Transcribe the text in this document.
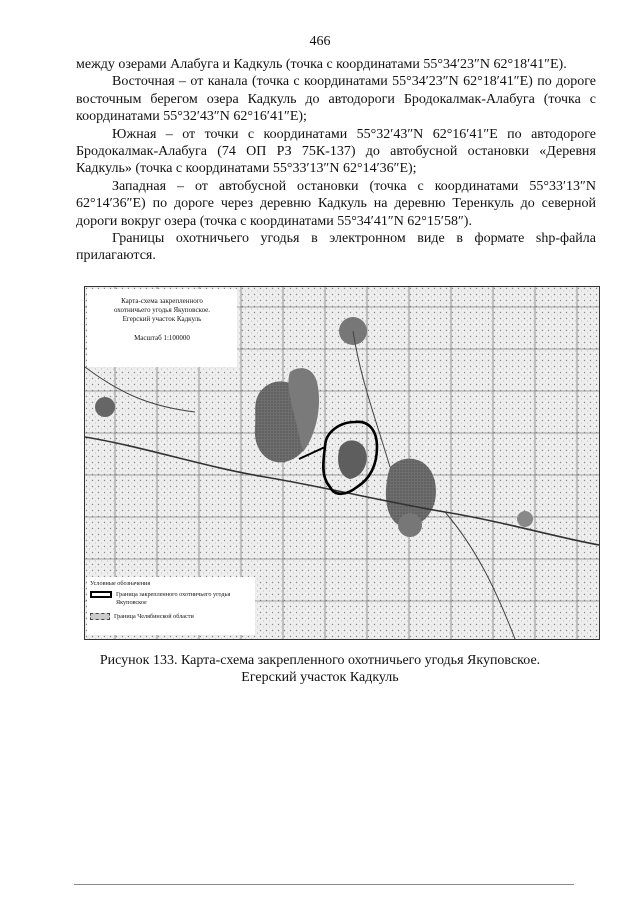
466

между озерами Алабуга и Кадкуль (точка с координатами 55°34′23″N 62°18′41″E).

Восточная – от канала (точка с координатами 55°34′23″N 62°18′41″E) по дороге восточным берегом озера Кадкуль до автодороги Бродокалмак-Алабуга (точка с координатами 55°32′43″N 62°16′41″E);

Южная – от точки с координатами 55°32′43″N 62°16′41″E по автодороге Бродокалмак-Алабуга (74 ОП РЗ 75К-137) до автобусной остановки «Деревня Кадкуль» (точка с координатами 55°33′13″N 62°14′36″E);

Западная – от автобусной остановки (точка с координатами 55°33′13″N 62°14′36″E) по дороге через деревню Кадкуль на деревню Теренкуль до северной дороги вокруг озера (точка с координатами 55°34′41″N 62°15′58″).

Границы охотничьего угодья в электронном виде в формате shp-файла прилагаются.

Карта-схема закрепленного
охотничьего угодья Якуповское.
Егерский участок Кадкуль
Масштаб 1:100000
Условные обозначения
Граница закрепленного охотничьего угодья Якуповское
Граница Челябинской области
Рисунок 133. Карта-схема закрепленного охотничьего угодья Якуповское.
Егерский участок Кадкуль
